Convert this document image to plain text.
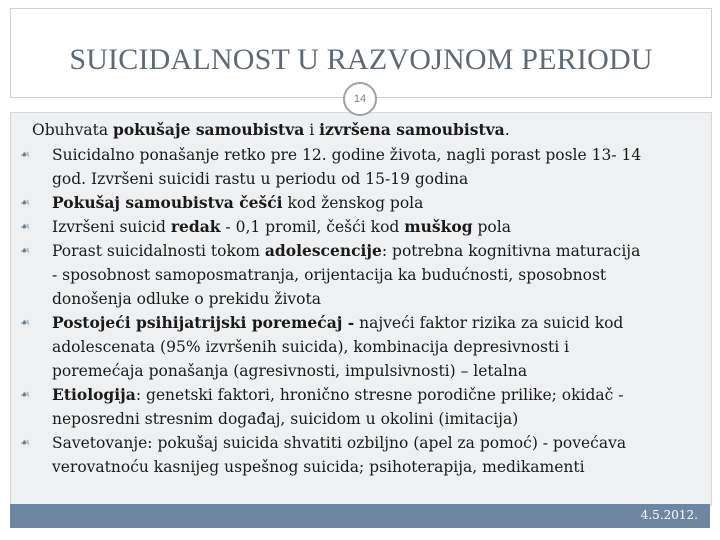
SUICIDALNOST U RAZVOJNOM PERIODU
14

Obuhvata pokušaje samoubistva i izvršena samoubistva.

☙	Suicidalno ponašanje retko pre 12. godine života, nagli porast posle 13- 14
god. Izvršeni suicidi rastu u periodu od 15-19 godina
☙	Pokušaj samoubistva češći kod ženskog pola
☙	Izvršeni suicid redak - 0,1 promil, češći kod muškog pola
☙	Porast suicidalnosti tokom adolescencije: potrebna kognitivna maturacija
- sposobnost samoposmatranja, orijentacija ka budućnosti, sposobnost
donošenja odluke o prekidu života
☙	Postojeći psihijatrijski poremećaj - najveći faktor rizika za suicid kod
adolescenata (95% izvršenih suicida), kombinacija depresivnosti i
poremećaja ponašanja (agresivnosti, impulsivnosti) – letalna
☙	Etiologija: genetski faktori, hronično stresne porodične prilike; okidač -
neposredni stresnim događaj, suicidom u okolini (imitacija)
☙	Savetovanje: pokušaj suicida shvatiti ozbiljno (apel za pomoć) - povećava
verovatnoću kasnijeg uspešnog suicida; psihoterapija, medikamenti
4.5.2012.
